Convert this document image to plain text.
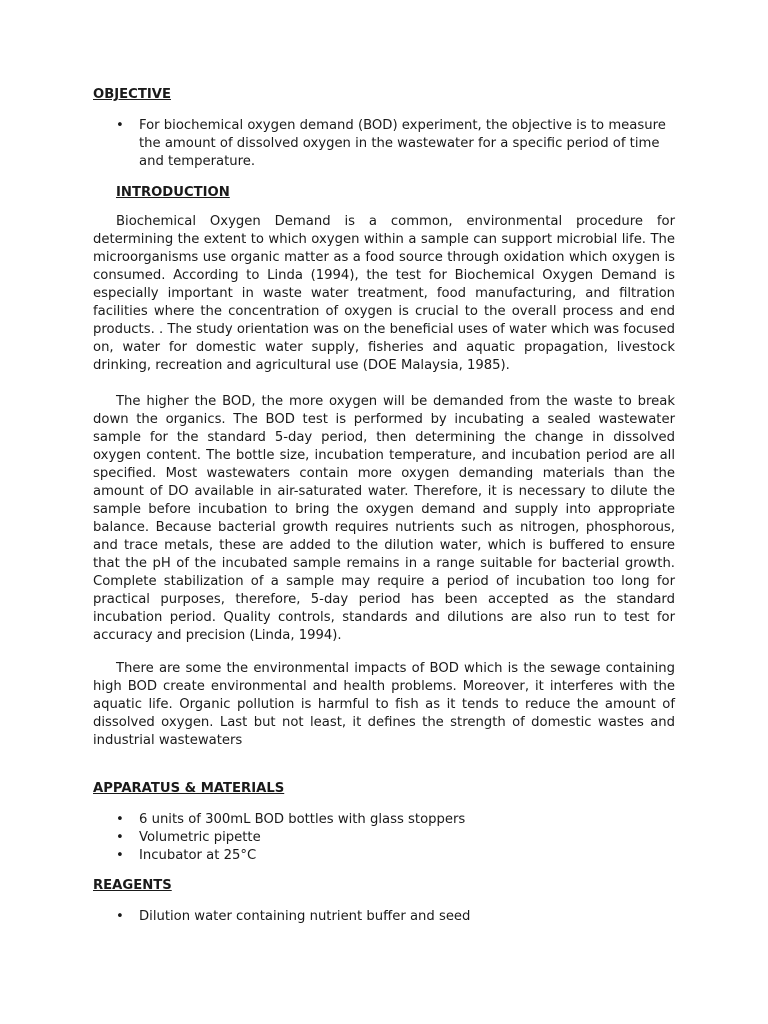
OBJECTIVE
• For biochemical oxygen demand (BOD) experiment, the objective is to measure the amount of dissolved oxygen in the wastewater for a specific period of time and temperature.
INTRODUCTION

Biochemical Oxygen Demand is a common, environmental procedure for determining the extent to which oxygen within a sample can support microbial life. The microorganisms use organic matter as a food source through oxidation which oxygen is consumed. According to Linda (1994), the test for Biochemical Oxygen Demand is especially important in waste water treatment, food manufacturing, and filtration facilities where the concentration of oxygen is crucial to the overall process and end products. . The study orientation was on the beneficial uses of water which was focused on, water for domestic water supply, fisheries and aquatic propagation, livestock drinking, recreation and agricultural use (DOE Malaysia, 1985).

The higher the BOD, the more oxygen will be demanded from the waste to break down the organics. The BOD test is performed by incubating a sealed wastewater sample for the standard 5-day period, then determining the change in dissolved oxygen content. The bottle size, incubation temperature, and incubation period are all specified. Most wastewaters contain more oxygen demanding materials than the amount of DO available in air-saturated water. Therefore, it is necessary to dilute the sample before incubation to bring the oxygen demand and supply into appropriate balance. Because bacterial growth requires nutrients such as nitrogen, phosphorous, and trace metals, these are added to the dilution water, which is buffered to ensure that the pH of the incubated sample remains in a range suitable for bacterial growth. Complete stabilization of a sample may require a period of incubation too long for practical purposes, therefore, 5-day period has been accepted as the standard incubation period. Quality controls, standards and dilutions are also run to test for accuracy and precision (Linda, 1994).

There are some the environmental impacts of BOD which is the sewage containing high BOD create environmental and health problems. Moreover, it interferes with the aquatic life. Organic pollution is harmful to fish as it tends to reduce the amount of dissolved oxygen. Last but not least, it defines the strength of domestic wastes and industrial wastewaters

APPARATUS & MATERIALS
• 6 units of 300mL BOD bottles with glass stoppers
• Volumetric pipette
• Incubator at 25°C
REAGENTS
• Dilution water containing nutrient buffer and seed
